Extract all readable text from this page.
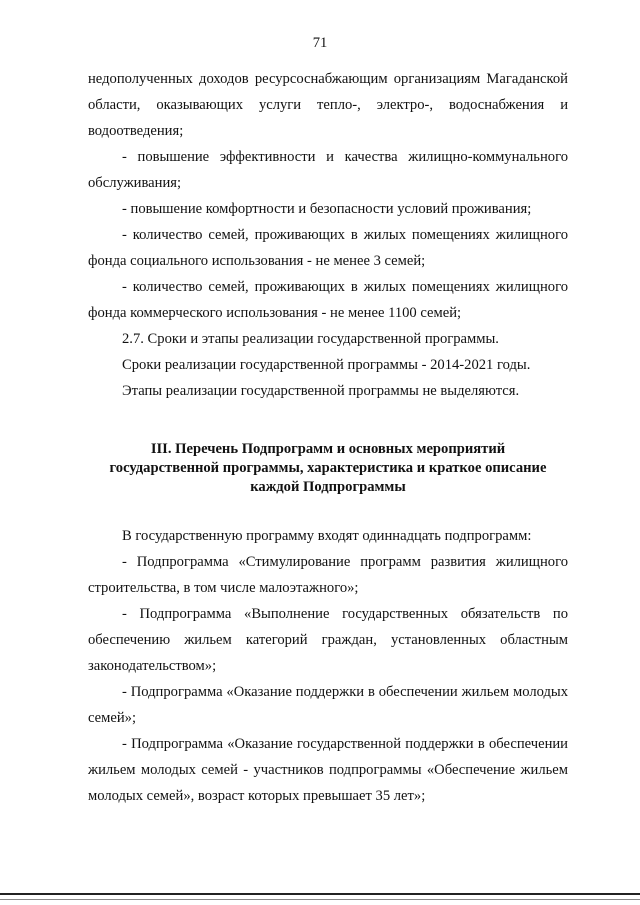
71

недополученных доходов ресурсоснабжающим организациям Магаданской области, оказывающих услуги тепло-, электро-, водоснабжения и водоотведения;

- повышение эффективности и качества жилищно-коммунального обслуживания;

- повышение комфортности и безопасности условий проживания;

- количество семей, проживающих в жилых помещениях жилищного фонда социального использования - не менее 3 семей;

- количество семей, проживающих в жилых помещениях жилищного фонда коммерческого использования - не менее 1100 семей;

2.7. Сроки и этапы реализации государственной программы.

Сроки реализации государственной программы - 2014-2021 годы.

Этапы реализации государственной программы не выделяются.

III. Перечень Подпрограмм и основных мероприятий
государственной программы, характеристика и краткое описание
каждой Подпрограммы

В государственную программу входят одиннадцать подпрограмм:

- Подпрограмма «Стимулирование программ развития жилищного строительства, в том числе малоэтажного»;

- Подпрограмма «Выполнение государственных обязательств по обеспечению жильем категорий граждан, установленных областным законодательством»;

- Подпрограмма «Оказание поддержки в обеспечении жильем молодых семей»;

- Подпрограмма «Оказание государственной поддержки в обеспечении жильем молодых семей - участников подпрограммы «Обеспечение жильем молодых семей», возраст которых превышает 35 лет»;
